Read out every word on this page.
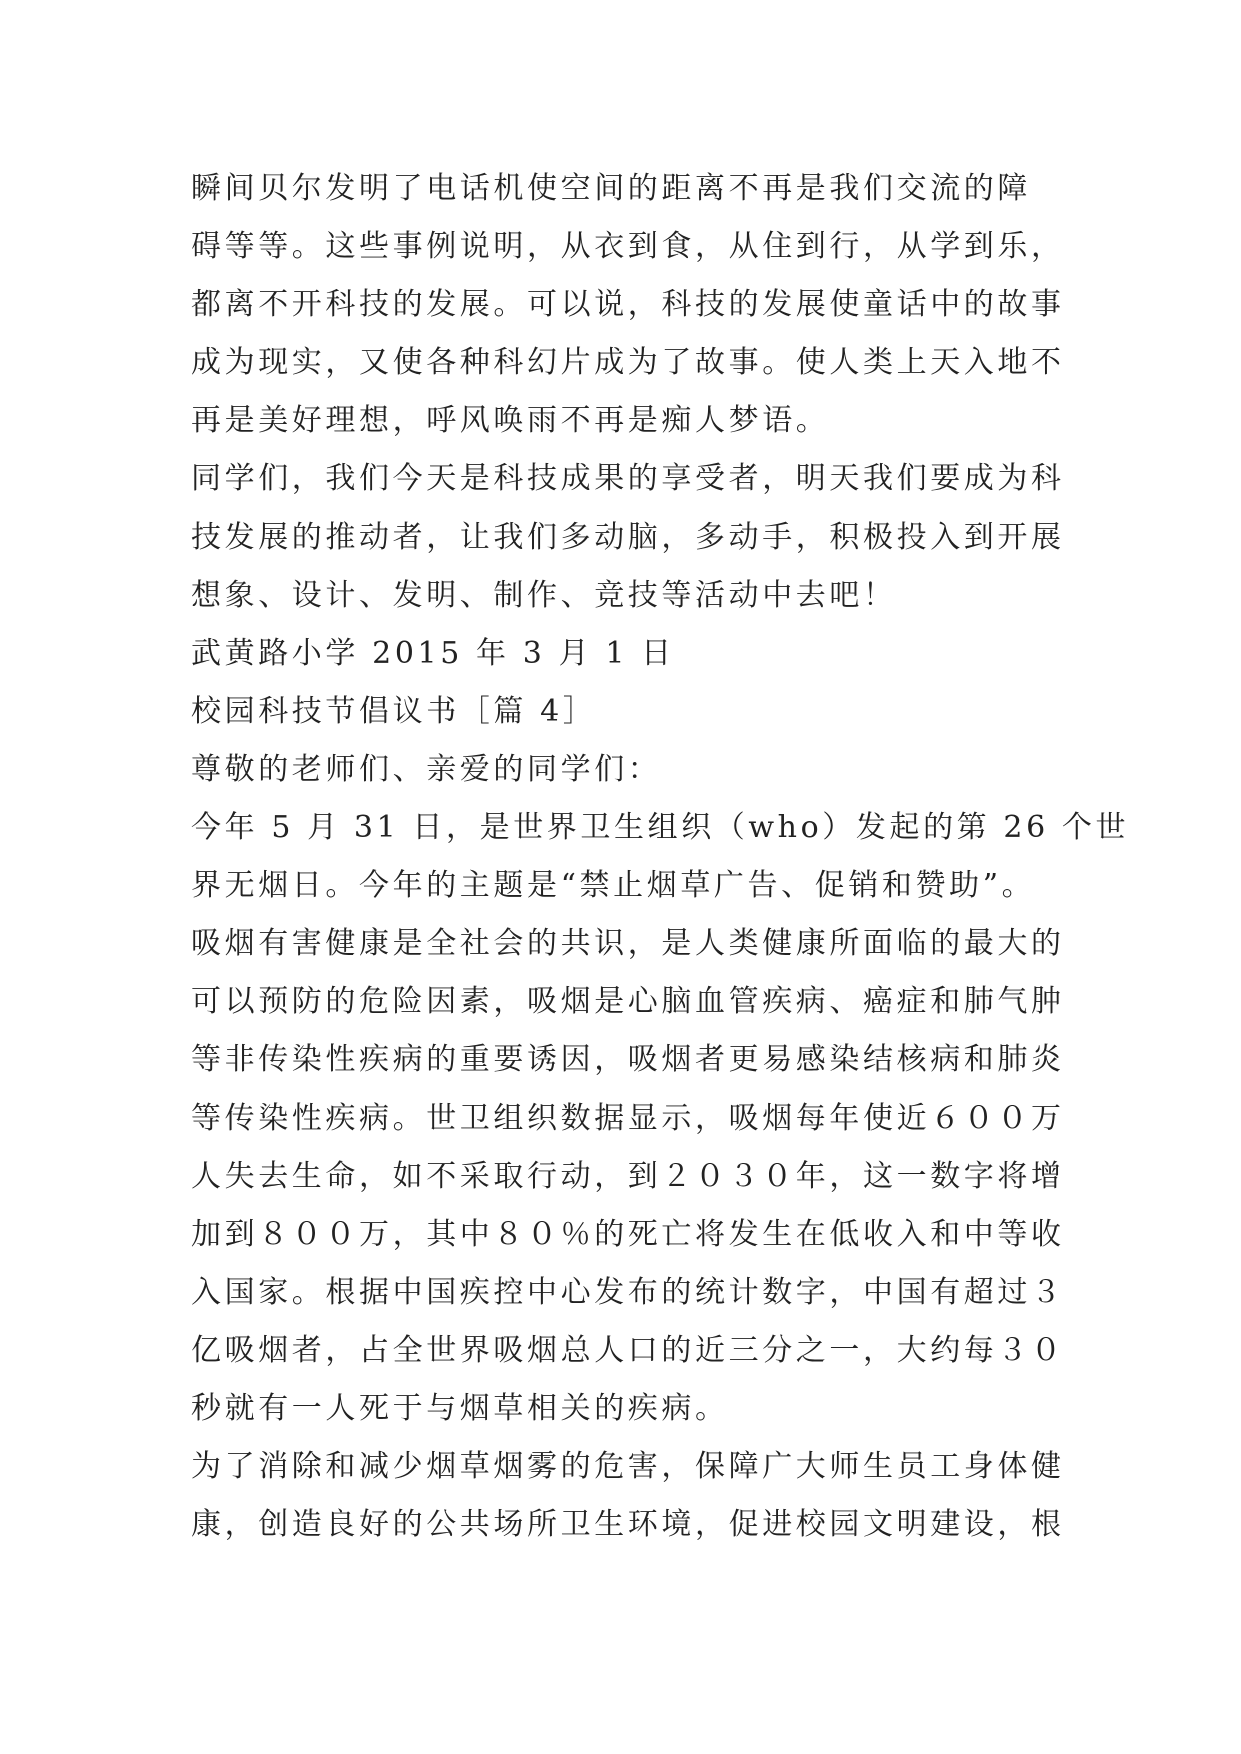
瞬间贝尔发明了电话机使空间的距离不再是我们交流的障
碍等等。这些事例说明，从衣到食，从住到行，从学到乐，
都离不开科技的发展。可以说，科技的发展使童话中的故事
成为现实，又使各种科幻片成为了故事。使人类上天入地不
再是美好理想，呼风唤雨不再是痴人梦语。
同学们，我们今天是科技成果的享受者，明天我们要成为科
技发展的推动者，让我们多动脑，多动手，积极投入到开展
想象、设计、发明、制作、竞技等活动中去吧！
武黄路小学 2015 年 3 月 1 日
校园科技节倡议书［篇 4］
尊敬的老师们、亲爱的同学们：
今年 5 月 31 日，是世界卫生组织（who）发起的第 26 个世
界无烟日。今年的主题是“禁止烟草广告、促销和赞助”。
吸烟有害健康是全社会的共识，是人类健康所面临的最大的
可以预防的危险因素，吸烟是心脑血管疾病、癌症和肺气肿
等非传染性疾病的重要诱因，吸烟者更易感染结核病和肺炎
等传染性疾病。世卫组织数据显示，吸烟每年使近６００万
人失去生命，如不采取行动，到２０３０年，这一数字将增
加到８００万，其中８０％的死亡将发生在低收入和中等收
入国家。根据中国疾控中心发布的统计数字，中国有超过３
亿吸烟者，占全世界吸烟总人口的近三分之一，大约每３０
秒就有一人死于与烟草相关的疾病。
为了消除和减少烟草烟雾的危害，保障广大师生员工身体健
康，创造良好的公共场所卫生环境，促进校园文明建设，根
